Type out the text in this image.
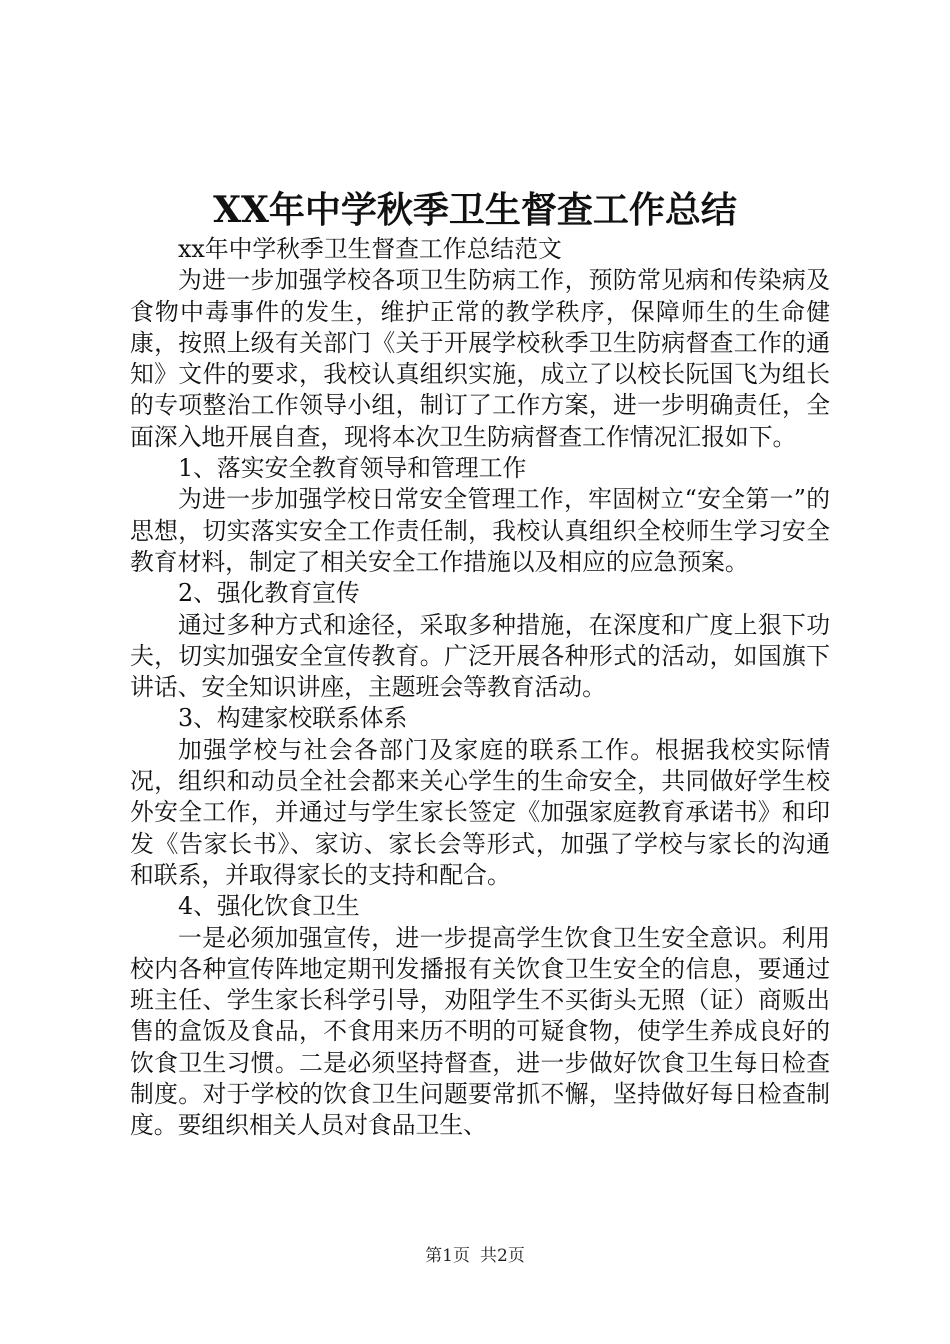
XX年中学秋季卫生督查工作总结

xx年中学秋季卫生督查工作总结范文

为进一步加强学校各项卫生防病工作，预防常见病和传染病及食物中毒事件的发生，维护正常的教学秩序，保障师生的生命健康，按照上级有关部门《关于开展学校秋季卫生防病督查工作的通知》文件的要求，我校认真组织实施，成立了以校长阮国飞为组长的专项整治工作领导小组，制订了工作方案，进一步明确责任，全面深入地开展自查，现将本次卫生防病督查工作情况汇报如下。

1、落实安全教育领导和管理工作

为进一步加强学校日常安全管理工作，牢固树立“安全第一”的思想，切实落实安全工作责任制，我校认真组织全校师生学习安全教育材料，制定了相关安全工作措施以及相应的应急预案。

2、强化教育宣传

通过多种方式和途径，采取多种措施，在深度和广度上狠下功夫，切实加强安全宣传教育。广泛开展各种形式的活动，如国旗下讲话、安全知识讲座，主题班会等教育活动。

3、构建家校联系体系

加强学校与社会各部门及家庭的联系工作。根据我校实际情况，组织和动员全社会都来关心学生的生命安全，共同做好学生校外安全工作，并通过与学生家长签定《加强家庭教育承诺书》和印发《告家长书》、家访、家长会等形式，加强了学校与家长的沟通和联系，并取得家长的支持和配合。

4、强化饮食卫生

一是必须加强宣传，进一步提高学生饮食卫生安全意识。利用校内各种宣传阵地定期刊发播报有关饮食卫生安全的信息，要通过班主任、学生家长科学引导，劝阻学生不买街头无照（证）商贩出售的盒饭及食品，不食用来历不明的可疑食物，使学生养成良好的饮食卫生习惯。二是必须坚持督查，进一步做好饮食卫生每日检查制度。对于学校的饮食卫生问题要常抓不懈，坚持做好每日检查制度。要组织相关人员对食品卫生、

第1页 共2页
